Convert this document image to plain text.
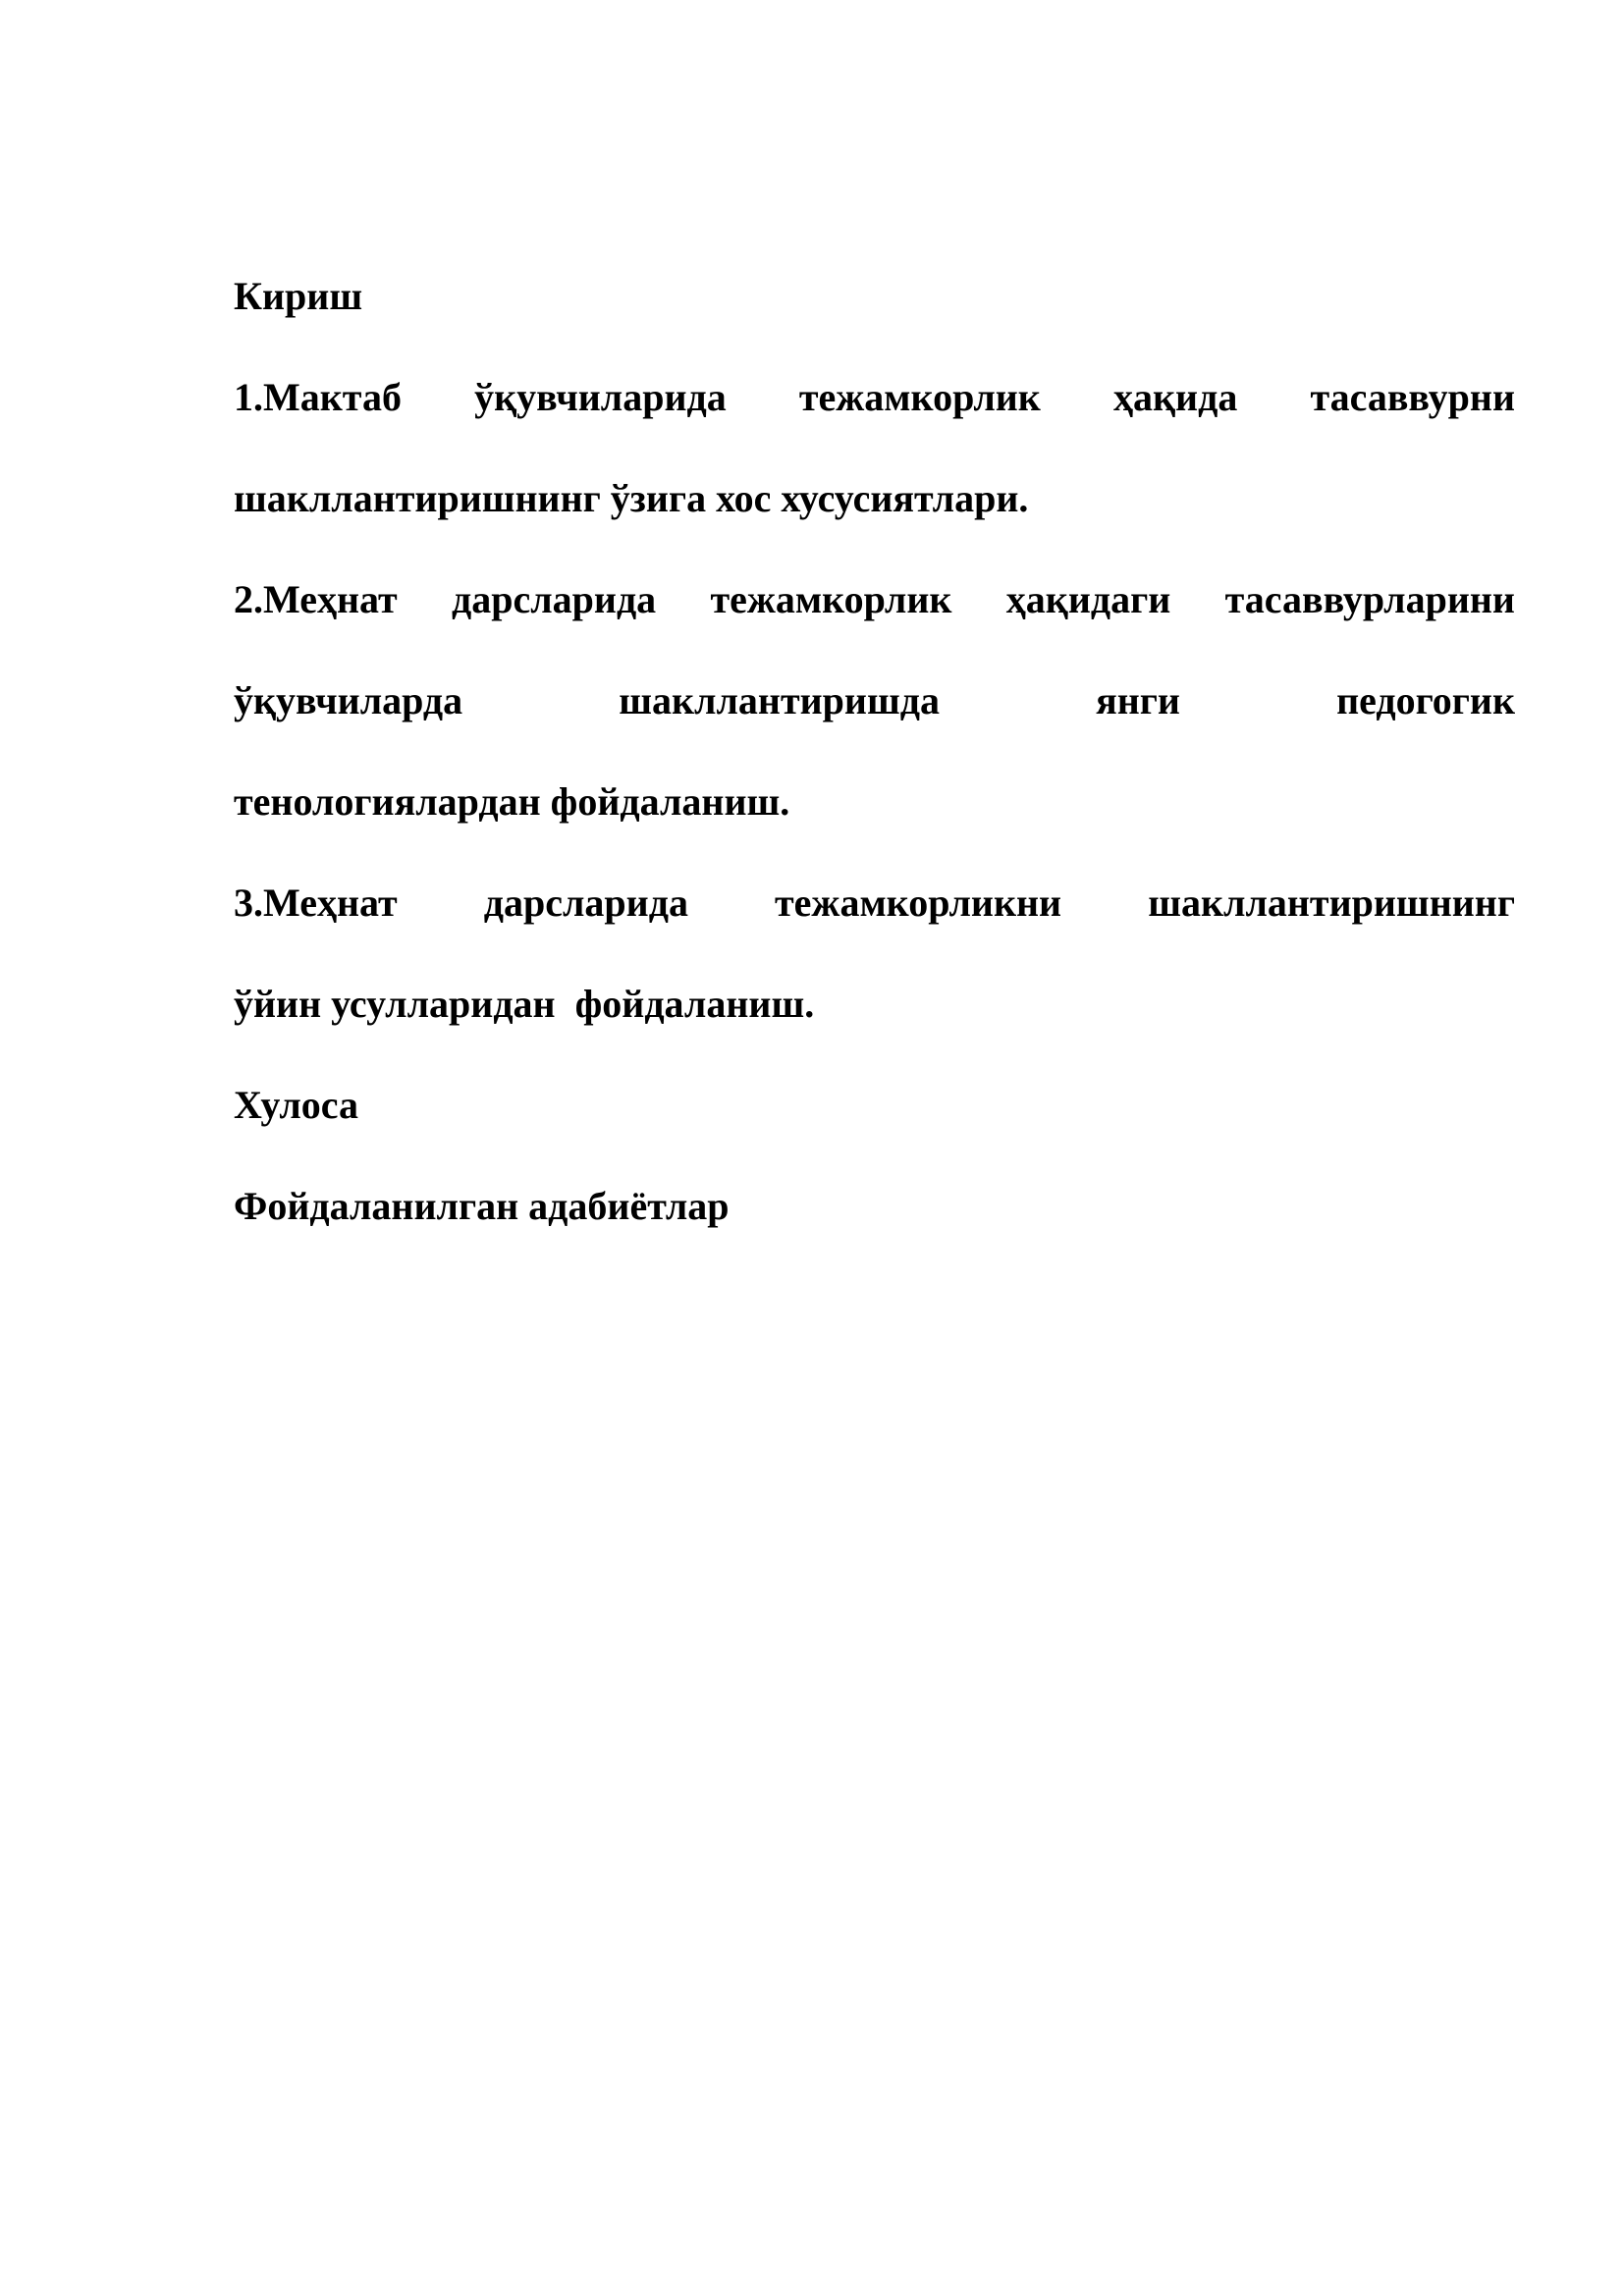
Кириш
1.Мактаб ўқувчиларида тежамкорлик ҳақида тасаввурни
шакллантиришнинг ўзига хос хусусиятлари.
2.Меҳнат дарсларида тежамкорлик ҳақидаги тасаввурларини
ўқувчиларда	шакллантиришда	янги	педогогик
тенологиялардан фойдаланиш.
3.Меҳнат дарсларида тежамкорликни шакллантиришнинг
ўйин усулларидан  фойдаланиш.
Хулоса
Фойдаланилган адабиётлар
